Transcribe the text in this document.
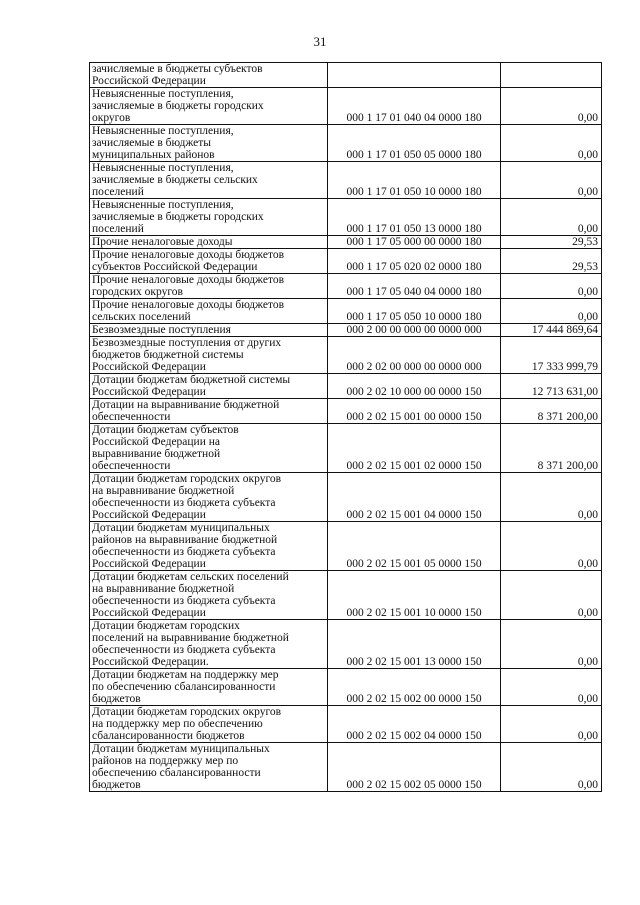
31
зачисляемые в бюджеты субъектов
Российской Федерации		
Невыясненные поступления,
зачисляемые в бюджеты городских
округов	000 1 17 01 040 04 0000 180	0,00
Невыясненные поступления,
зачисляемые в бюджеты
муниципальных районов	000 1 17 01 050 05 0000 180	0,00
Невыясненные поступления,
зачисляемые в бюджеты сельских
поселений	000 1 17 01 050 10 0000 180	0,00
Невыясненные поступления,
зачисляемые в бюджеты городских
поселений	000 1 17 01 050 13 0000 180	0,00
Прочие неналоговые доходы	000 1 17 05 000 00 0000 180	29,53
Прочие неналоговые доходы бюджетов
субъектов Российской Федерации	000 1 17 05 020 02 0000 180	29,53
Прочие неналоговые доходы бюджетов
городских округов	000 1 17 05 040 04 0000 180	0,00
Прочие неналоговые доходы бюджетов
сельских поселений	000 1 17 05 050 10 0000 180	0,00
Безвозмездные поступления	000 2 00 00 000 00 0000 000	17 444 869,64
Безвозмездные поступления от других
бюджетов бюджетной системы
Российской Федерации	000 2 02 00 000 00 0000 000	17 333 999,79
Дотации бюджетам бюджетной системы
Российской Федерации	000 2 02 10 000 00 0000 150	12 713 631,00
Дотации на выравнивание бюджетной
обеспеченности	000 2 02 15 001 00 0000 150	8 371 200,00
Дотации бюджетам субъектов
Российской Федерации на
выравнивание бюджетной
обеспеченности	000 2 02 15 001 02 0000 150	8 371 200,00
Дотации бюджетам городских округов
на выравнивание бюджетной
обеспеченности из бюджета субъекта
Российской Федерации	000 2 02 15 001 04 0000 150	0,00
Дотации бюджетам муниципальных
районов на выравнивание бюджетной
обеспеченности из бюджета субъекта
Российской Федерации	000 2 02 15 001 05 0000 150	0,00
Дотации бюджетам сельских поселений
на выравнивание бюджетной
обеспеченности из бюджета субъекта
Российской Федерации	000 2 02 15 001 10 0000 150	0,00
Дотации бюджетам городских
поселений на выравнивание бюджетной
обеспеченности из бюджета субъекта
Российской Федерации.	000 2 02 15 001 13 0000 150	0,00
Дотации бюджетам на поддержку мер
по обеспечению сбалансированности
бюджетов	000 2 02 15 002 00 0000 150	0,00
Дотации бюджетам городских округов
на поддержку мер по обеспечению
сбалансированности бюджетов	000 2 02 15 002 04 0000 150	0,00
Дотации бюджетам муниципальных
районов на поддержку мер по
обеспечению сбалансированности
бюджетов	000 2 02 15 002 05 0000 150	0,00
